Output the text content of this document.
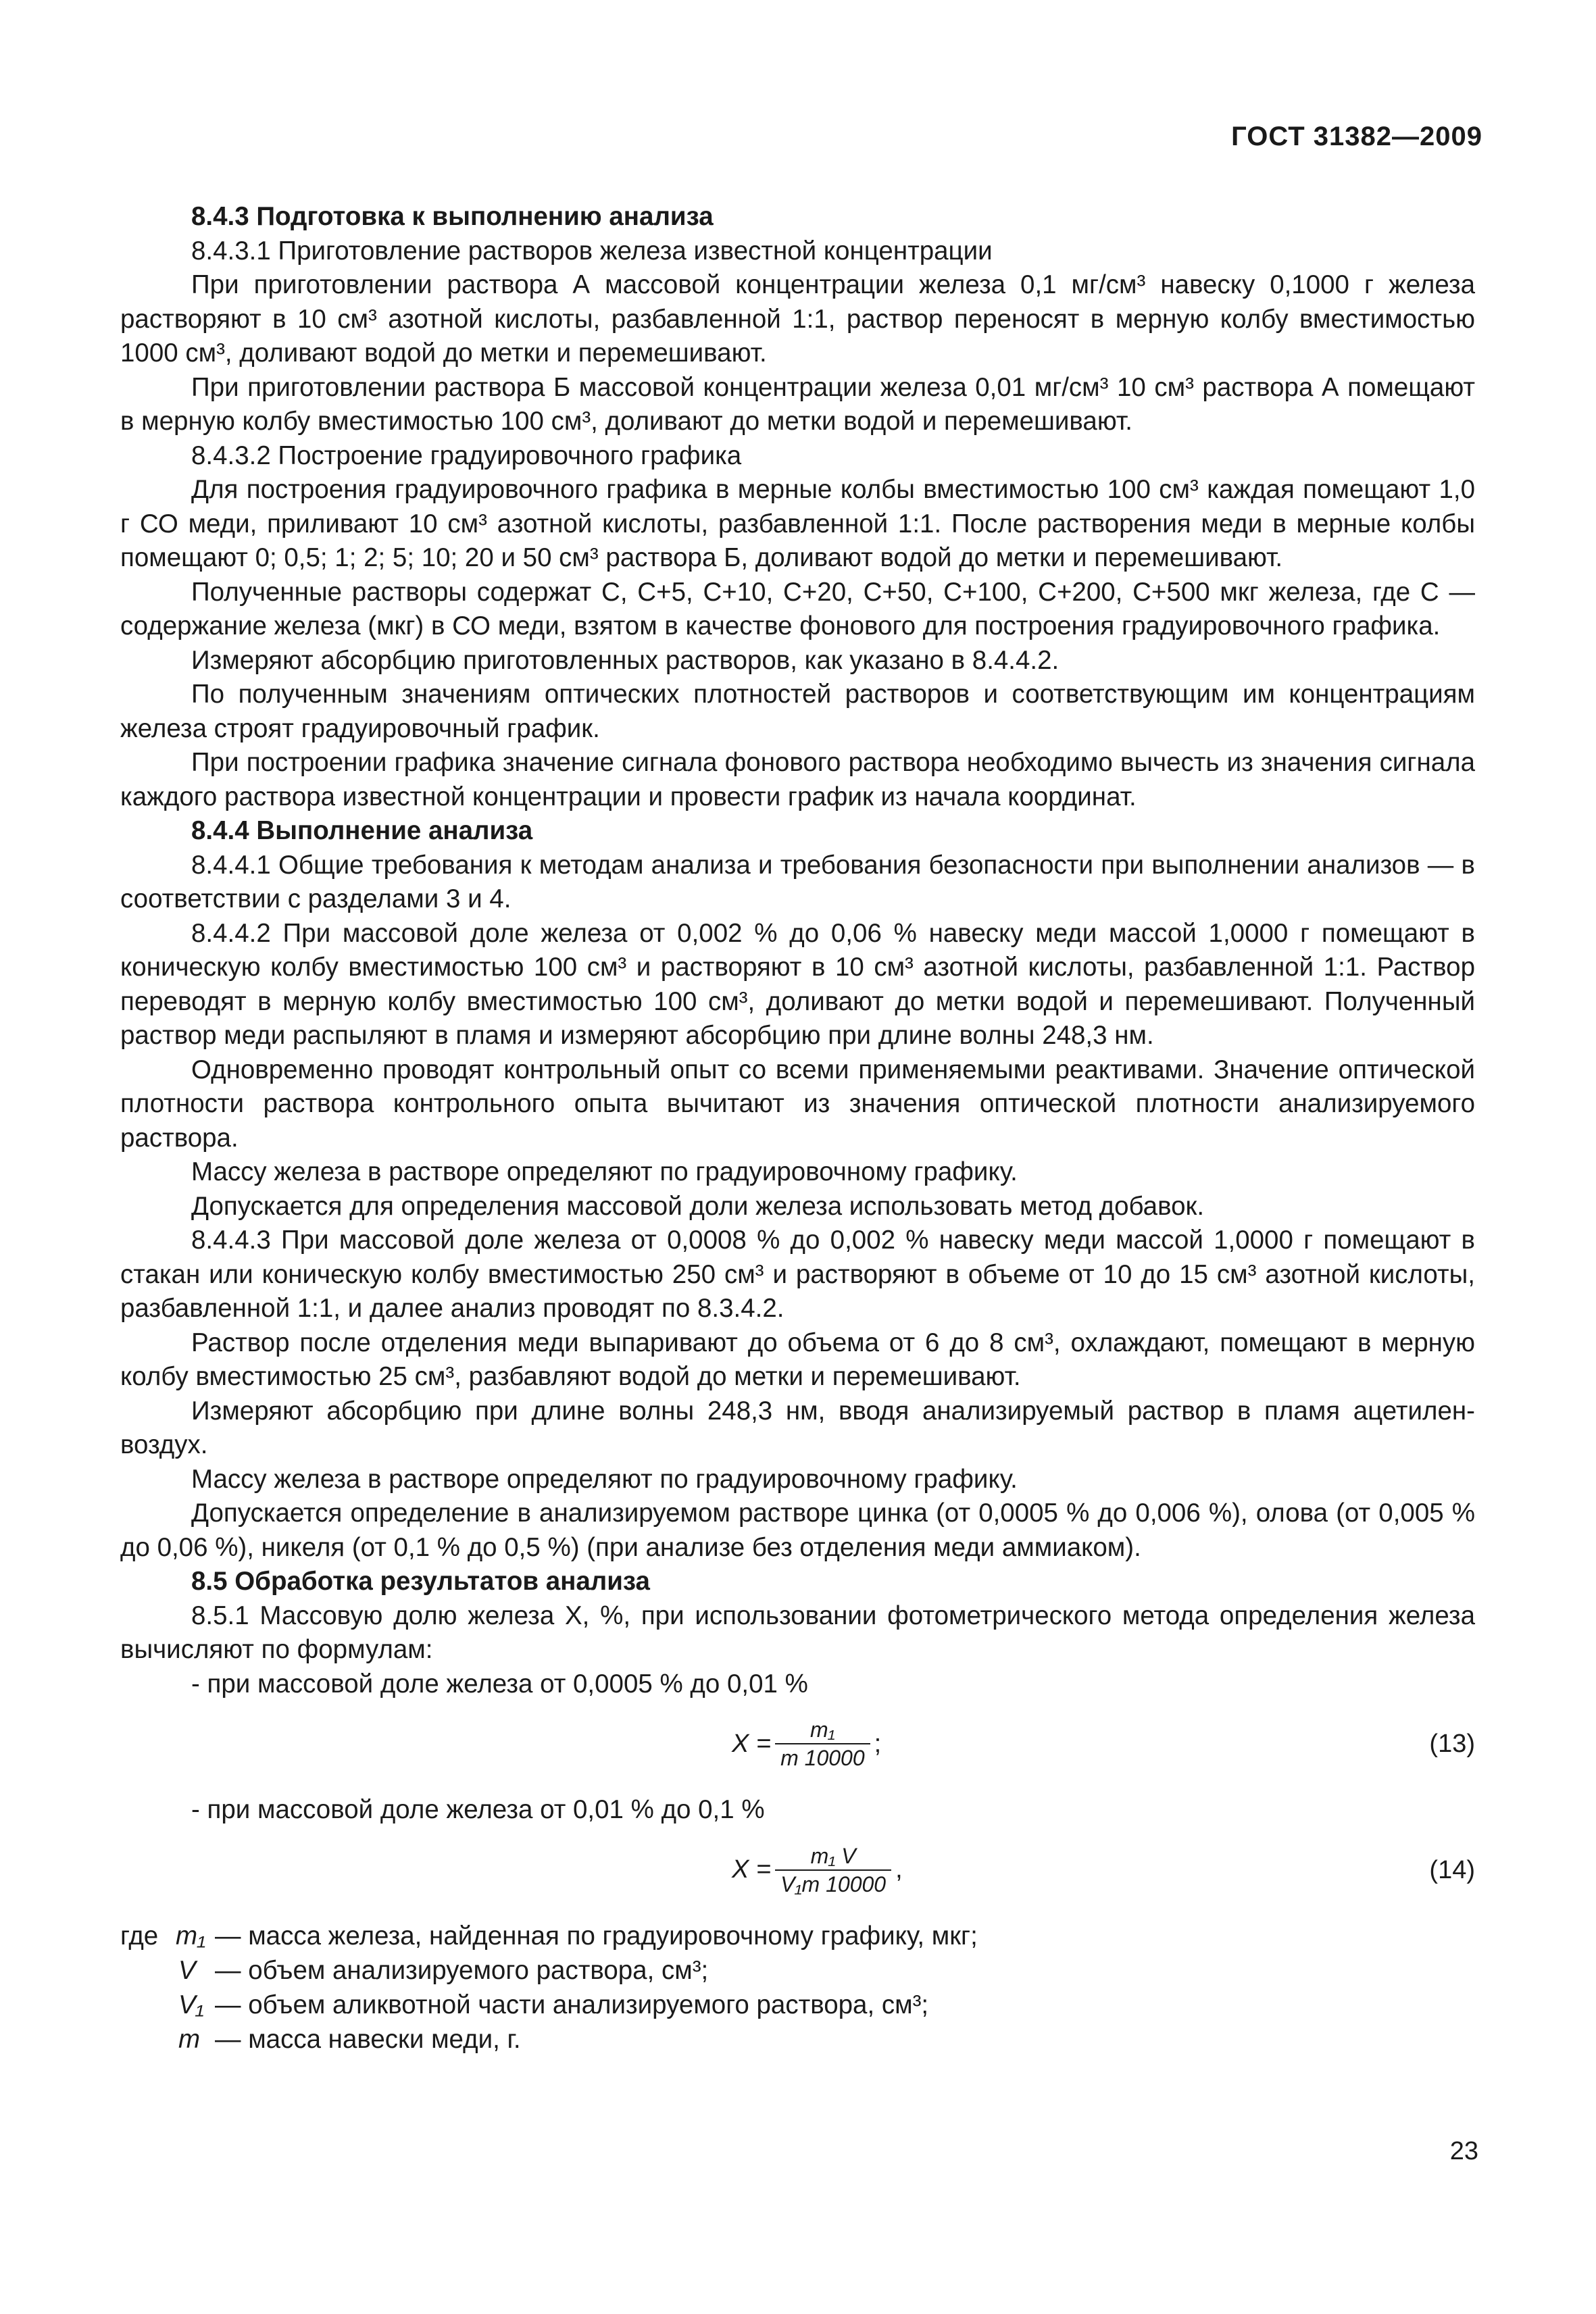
ГОСТ 31382—2009

8.4.3 Подготовка к выполнению анализа

8.4.3.1 Приготовление растворов железа известной концентрации

При приготовлении раствора А массовой концентрации железа 0,1 мг/см³ навеску 0,1000 г железа растворяют в 10 см³ азотной кислоты, разбавленной 1:1, раствор переносят в мерную колбу вместимостью 1000 см³, доливают водой до метки и перемешивают.

При приготовлении раствора Б массовой концентрации железа 0,01 мг/см³ 10 см³ раствора А помещают в мерную колбу вместимостью 100 см³, доливают до метки водой и перемешивают.

8.4.3.2 Построение градуировочного графика

Для построения градуировочного графика в мерные колбы вместимостью 100 см³ каждая помещают 1,0 г СО меди, приливают 10 см³ азотной кислоты, разбавленной 1:1. После растворения меди в мерные колбы помещают 0; 0,5; 1; 2; 5; 10; 20 и 50 см³ раствора Б, доливают водой до метки и перемешивают.

Полученные растворы содержат C, C+5, C+10, C+20, C+50, C+100, C+200, C+500 мкг железа, где C — содержание железа (мкг) в СО меди, взятом в качестве фонового для построения градуировочного графика.

Измеряют абсорбцию приготовленных растворов, как указано в 8.4.4.2.

По полученным значениям оптических плотностей растворов и соответствующим им концентрациям железа строят градуировочный график.

При построении графика значение сигнала фонового раствора необходимо вычесть из значения сигнала каждого раствора известной концентрации и провести график из начала координат.

8.4.4 Выполнение анализа

8.4.4.1 Общие требования к методам анализа и требования безопасности при выполнении анализов — в соответствии с разделами 3 и 4.

8.4.4.2 При массовой доле железа от 0,002 % до 0,06 % навеску меди массой 1,0000 г помещают в коническую колбу вместимостью 100 см³ и растворяют в 10 см³ азотной кислоты, разбавленной 1:1. Раствор переводят в мерную колбу вместимостью 100 см³, доливают до метки водой и перемешивают. Полученный раствор меди распыляют в пламя и измеряют абсорбцию при длине волны 248,3 нм.

Одновременно проводят контрольный опыт со всеми применяемыми реактивами. Значение оптической плотности раствора контрольного опыта вычитают из значения оптической плотности анализируемого раствора.

Массу железа в растворе определяют по градуировочному графику.

Допускается для определения массовой доли железа использовать метод добавок.

8.4.4.3 При массовой доле железа от 0,0008 % до 0,002 % навеску меди массой 1,0000 г помещают в стакан или коническую колбу вместимостью 250 см³ и растворяют в объеме от 10 до 15 см³ азотной кислоты, разбавленной 1:1, и далее анализ проводят по 8.3.4.2.

Раствор после отделения меди выпаривают до объема от 6 до 8 см³, охлаждают, помещают в мерную колбу вместимостью 25 см³, разбавляют водой до метки и перемешивают.

Измеряют абсорбцию при длине волны 248,3 нм, вводя анализируемый раствор в пламя ацетилен-воздух.

Массу железа в растворе определяют по градуировочному графику.

Допускается определение в анализируемом растворе цинка (от 0,0005 % до 0,006 %), олова (от 0,005 % до 0,06 %), никеля (от 0,1 % до 0,5 %) (при анализе без отделения меди аммиаком).

8.5 Обработка результатов анализа

8.5.1 Массовую долю железа X, %, при использовании фотометрического метода определения железа вычисляют по формулам:

- при массовой доле железа от 0,0005 % до 0,01 %

$X = \frac{\text{m₁}}{m 10000}$ ;	(13)

- при массовой доле железа от 0,01 % до 0,1 %

$X = \frac{\text{m₁ V}}{\text{V₁m 10000}}$ ,	(14)
где m₁ — масса железа, найденная по градуировочному графику, мкг;
V — объем анализируемого раствора, см³;
V₁ — объем аликвотной части анализируемого раствора, см³;
m — масса навески меди, г.
23
